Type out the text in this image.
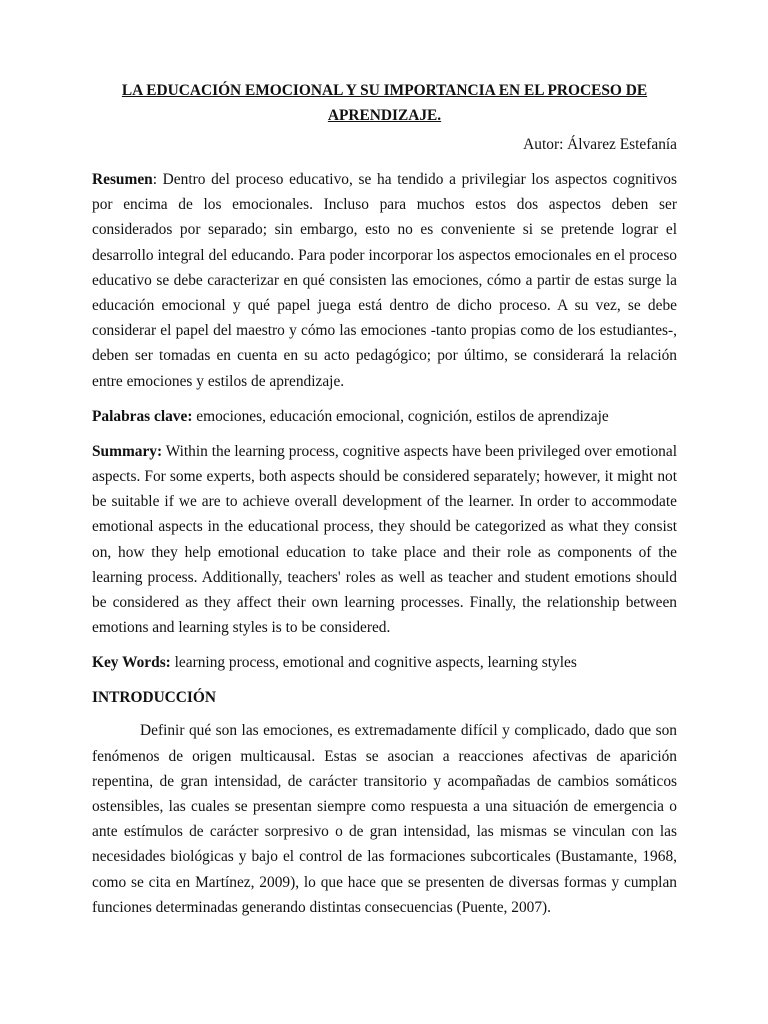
LA EDUCACIÓN EMOCIONAL Y SU IMPORTANCIA EN EL PROCESO DE APRENDIZAJE.
Autor: Álvarez Estefanía

Resumen: Dentro del proceso educativo, se ha tendido a privilegiar los aspectos cognitivos por encima de los emocionales. Incluso para muchos estos dos aspectos deben ser considerados por separado; sin embargo, esto no es conveniente si se pretende lograr el desarrollo integral del educando. Para poder incorporar los aspectos emocionales en el proceso educativo se debe caracterizar en qué consisten las emociones, cómo a partir de estas surge la educación emocional y qué papel juega está dentro de dicho proceso. A su vez, se debe considerar el papel del maestro y cómo las emociones -tanto propias como de los estudiantes-, deben ser tomadas en cuenta en su acto pedagógico; por último, se considerará la relación entre emociones y estilos de aprendizaje.

Palabras clave: emociones, educación emocional, cognición, estilos de aprendizaje

Summary: Within the learning process, cognitive aspects have been privileged over emotional aspects. For some experts, both aspects should be considered separately; however, it might not be suitable if we are to achieve overall development of the learner. In order to accommodate emotional aspects in the educational process, they should be categorized as what they consist on, how they help emotional education to take place and their role as components of the learning process. Additionally, teachers' roles as well as teacher and student emotions should be considered as they affect their own learning processes. Finally, the relationship between emotions and learning styles is to be considered.

Key Words: learning process, emotional and cognitive aspects, learning styles

INTRODUCCIÓN

Definir qué son las emociones, es extremadamente difícil y complicado, dado que son fenómenos de origen multicausal. Estas se asocian a reacciones afectivas de aparición repentina, de gran intensidad, de carácter transitorio y acompañadas de cambios somáticos ostensibles, las cuales se presentan siempre como respuesta a una situación de emergencia o ante estímulos de carácter sorpresivo o de gran intensidad, las mismas se vinculan con las necesidades biológicas y bajo el control de las formaciones subcorticales (Bustamante, 1968, como se cita en Martínez, 2009), lo que hace que se presenten de diversas formas y cumplan funciones determinadas generando distintas consecuencias (Puente, 2007).
